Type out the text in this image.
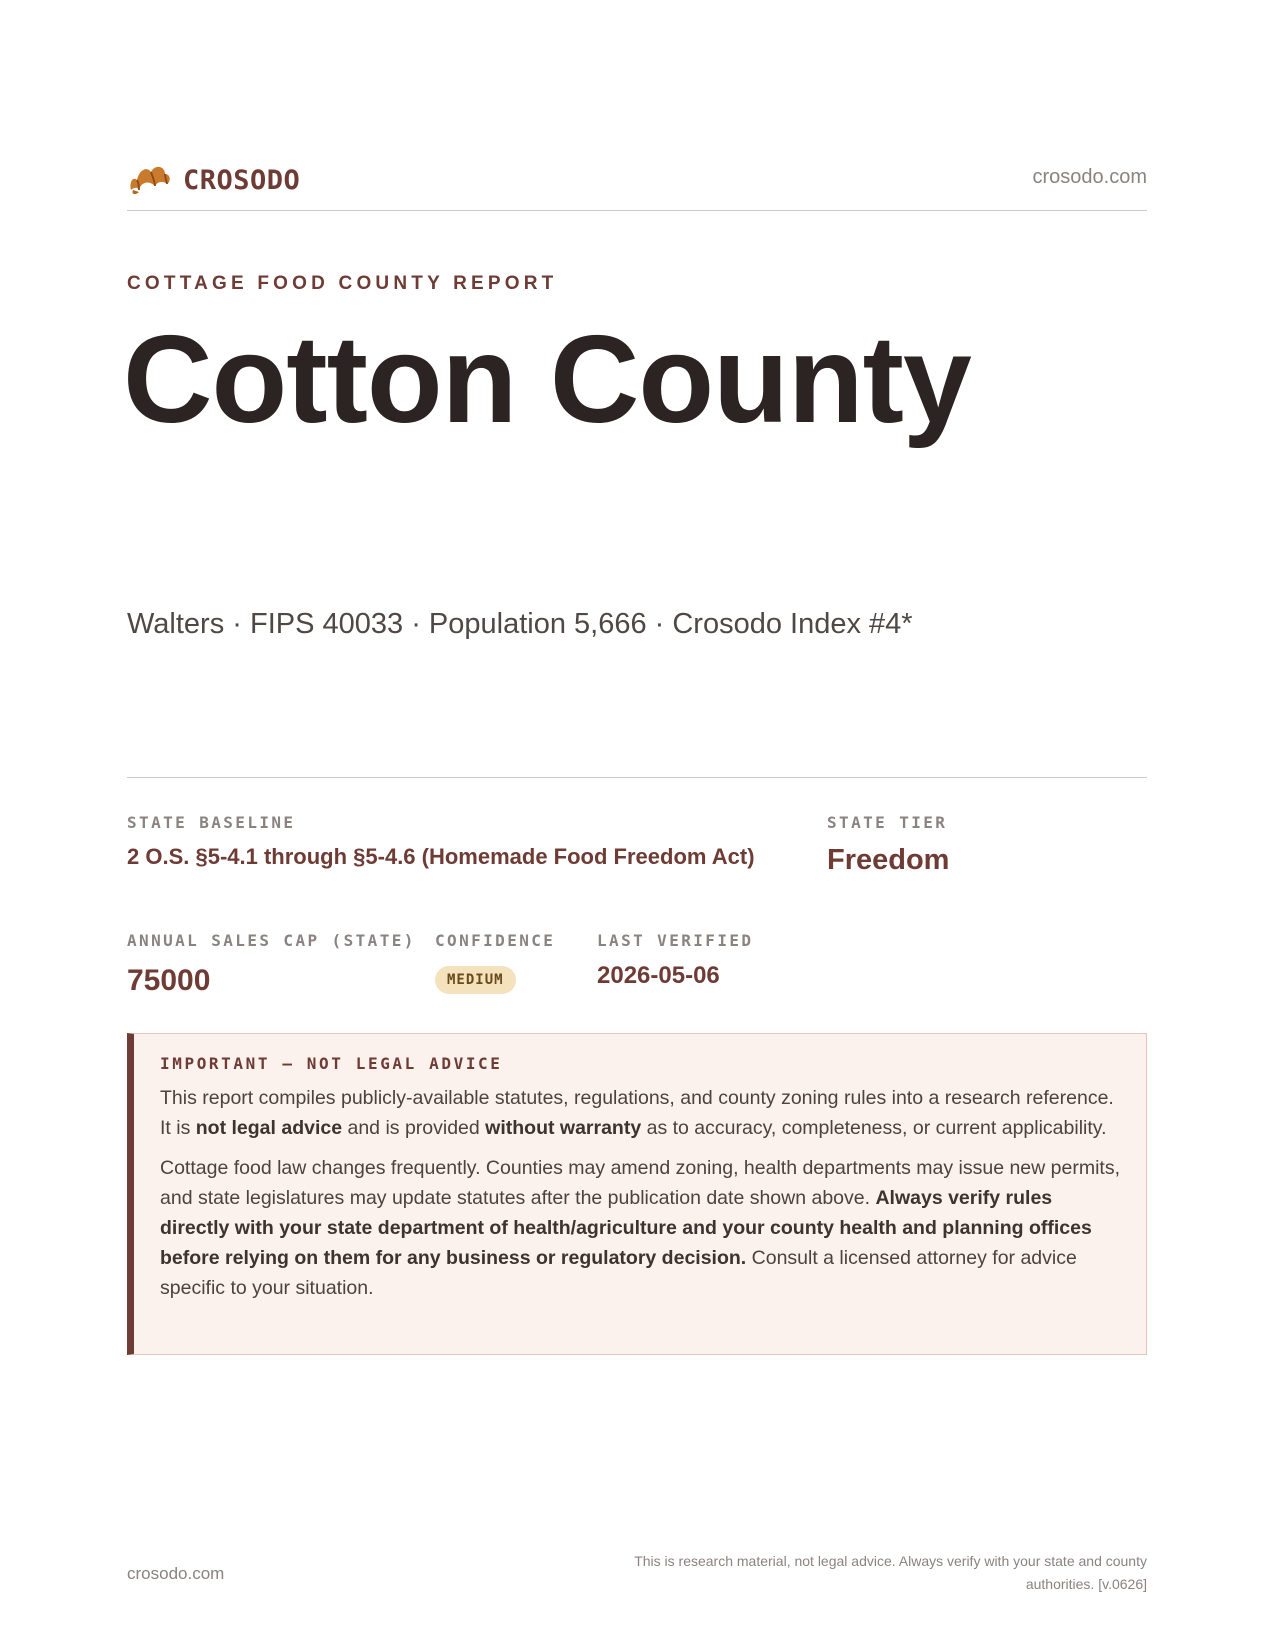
CROSODO	crosodo.com
COTTAGE FOOD COUNTY REPORT
Cotton County
Walters · FIPS 40033 · Population 5,666 · Crosodo Index #4*
STATE BASELINE
2 O.S. §5-4.1 through §5-4.6 (Homemade Food Freedom Act)
STATE TIER
Freedom
ANNUAL SALES CAP (STATE)
75000
CONFIDENCE
MEDIUM
LAST VERIFIED
2026-05-06
IMPORTANT — NOT LEGAL ADVICE

This report compiles publicly-available statutes, regulations, and county zoning rules into a research reference. It is not legal advice and is provided without warranty as to accuracy, completeness, or current applicability.

Cottage food law changes frequently. Counties may amend zoning, health departments may issue new permits, and state legislatures may update statutes after the publication date shown above. Always verify rules directly with your state department of health/agriculture and your county health and planning offices before relying on them for any business or regulatory decision. Consult a licensed attorney for advice specific to your situation.

crosodo.com
This is research material, not legal advice. Always verify with your state and county authorities. [v.0626]
